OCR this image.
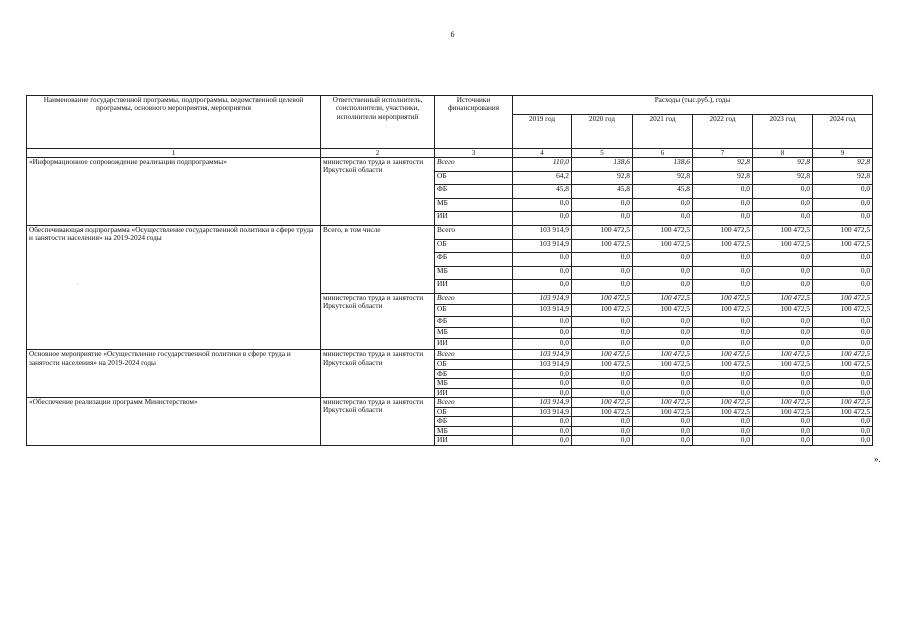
6
·
Наименование государственной программы, подпрограммы, ведомственной целевой программы, основного мероприятия, мероприятия	Ответственный исполнитель, соисполнители, участники, исполнители мероприятий	Источники финансирования	Расходы (тыс.руб.), годы					
			2019 год	2020 год	2021 год	2022 год	2023 год	2024 год
1	2	3	4	5	6	7	8	9
«Информационное сопровождение реализации подпрограммы»	министерство труда и занятости Иркутской области	Всего	110,0	138,6	138,6	92,8	92,8	92,8
		ОБ	64,2	92,8	92,8	92,8	92,8	92,8
		ФБ	45,8	45,8	45,8	0,0	0,0	0,0
		МБ	0,0	0,0	0,0	0,0	0,0	0,0
		ИИ	0,0	0,0	0,0	0,0	0,0	0,0
Обеспечивающая подпрограмма «Осуществление государственной политики в сфере труда и занятости населения» на 2019-2024 годы	Всего, в том числе	Всего	103 914,9	100 472,5	100 472,5	100 472,5	100 472,5	100 472,5
		ОБ	103 914,9	100 472,5	100 472,5	100 472,5	100 472,5	100 472,5
		ФБ	0,0	0,0	0,0	0,0	0,0	0,0
		МБ	0,0	0,0	0,0	0,0	0,0	0,0
		ИИ	0,0	0,0	0,0	0,0	0,0	0,0
	министерство труда и занятости Иркутской области	Всего	103 914,9	100 472,5	100 472,5	100 472,5	100 472,5	100 472,5
		ОБ	103 914,9	100 472,5	100 472,5	100 472,5	100 472,5	100 472,5
		ФБ	0,0	0,0	0,0	0,0	0,0	0,0
		МБ	0,0	0,0	0,0	0,0	0,0	0,0
		ИИ	0,0	0,0	0,0	0,0	0,0	0,0
Основное мероприятие «Осуществление государственной политики в сфере труда и занятости населения» на 2019-2024 годы	министерство труда и занятости Иркутской области	Всего	103 914,9	100 472,5	100 472,5	100 472,5	100 472,5	100 472,5
		ОБ	103 914,9	100 472,5	100 472,5	100 472,5	100 472,5	100 472,5
		ФБ	0,0	0,0	0,0	0,0	0,0	0,0
		МБ	0,0	0,0	0,0	0,0	0,0	0,0
		ИИ	0,0	0,0	0,0	0,0	0,0	0,0
«Обеспечение реализации программ Министерством»	министерство труда и занятости Иркутской области	Всего	103 914,9	100 472,5	100 472,5	100 472,5	100 472,5	100 472,5
		ОБ	103 914,9	100 472,5	100 472,5	100 472,5	100 472,5	100 472,5
		ФБ	0,0	0,0	0,0	0,0	0,0	0,0
		МБ	0,0	0,0	0,0	0,0	0,0	0,0
		ИИ	0,0	0,0	0,0	0,0	0,0	0,0
».
